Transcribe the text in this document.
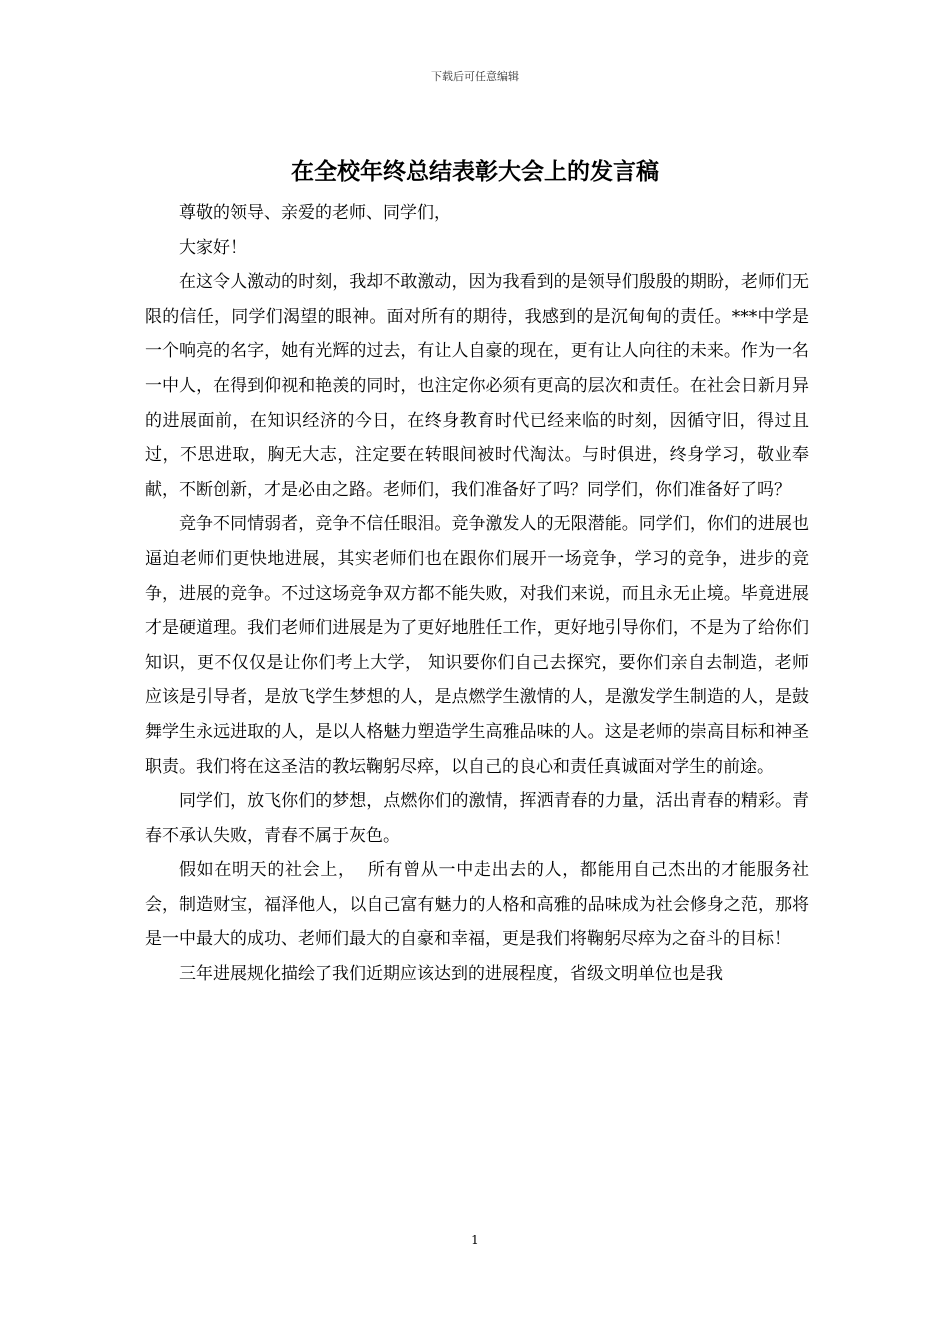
下载后可任意编辑
在全校年终总结表彰大会上的发言稿

尊敬的领导、亲爱的老师、同学们，

大家好！

在这令人激动的时刻，我却不敢激动，因为我看到的是领导们殷殷的期盼，老师们无限的信任，同学们渴望的眼神。面对所有的期待，我感到的是沉甸甸的责任。***中学是一个响亮的名字，她有光辉的过去，有让人自豪的现在，更有让人向往的未来。作为一名一中人，在得到仰视和艳羡的同时，也注定你必须有更高的层次和责任。在社会日新月异的进展面前，在知识经济的今日，在终身教育时代已经来临的时刻，因循守旧，得过且过，不思进取，胸无大志，注定要在转眼间被时代淘汰。与时俱进，终身学习，敬业奉献，不断创新，才是必由之路。老师们，我们准备好了吗？同学们，你们准备好了吗？

竞争不同情弱者，竞争不信任眼泪。竞争激发人的无限潜能。同学们，你们的进展也逼迫老师们更快地进展，其实老师们也在跟你们展开一场竞争，学习的竞争，进步的竞争，进展的竞争。不过这场竞争双方都不能失败，对我们来说，而且永无止境。毕竟进展才是硬道理。我们老师们进展是为了更好地胜任工作，更好地引导你们，不是为了给你们知识，更不仅仅是让你们考上大学， 知识要你们自己去探究，要你们亲自去制造，老师应该是引导者，是放飞学生梦想的人，是点燃学生激情的人，是激发学生制造的人，是鼓舞学生永远进取的人，是以人格魅力塑造学生高雅品味的人。这是老师的崇高目标和神圣职责。我们将在这圣洁的教坛鞠躬尽瘁，以自己的良心和责任真诚面对学生的前途。

同学们，放飞你们的梦想，点燃你们的激情，挥洒青春的力量，活出青春的精彩。青春不承认失败，青春不属于灰色。

假如在明天的社会上，  所有曾从一中走出去的人，都能用自己杰出的才能服务社会，制造财宝，福泽他人，以自己富有魅力的人格和高雅的品味成为社会修身之范，那将是一中最大的成功、老师们最大的自豪和幸福，更是我们将鞠躬尽瘁为之奋斗的目标！

三年进展规化描绘了我们近期应该达到的进展程度，省级文明单位也是我

1
